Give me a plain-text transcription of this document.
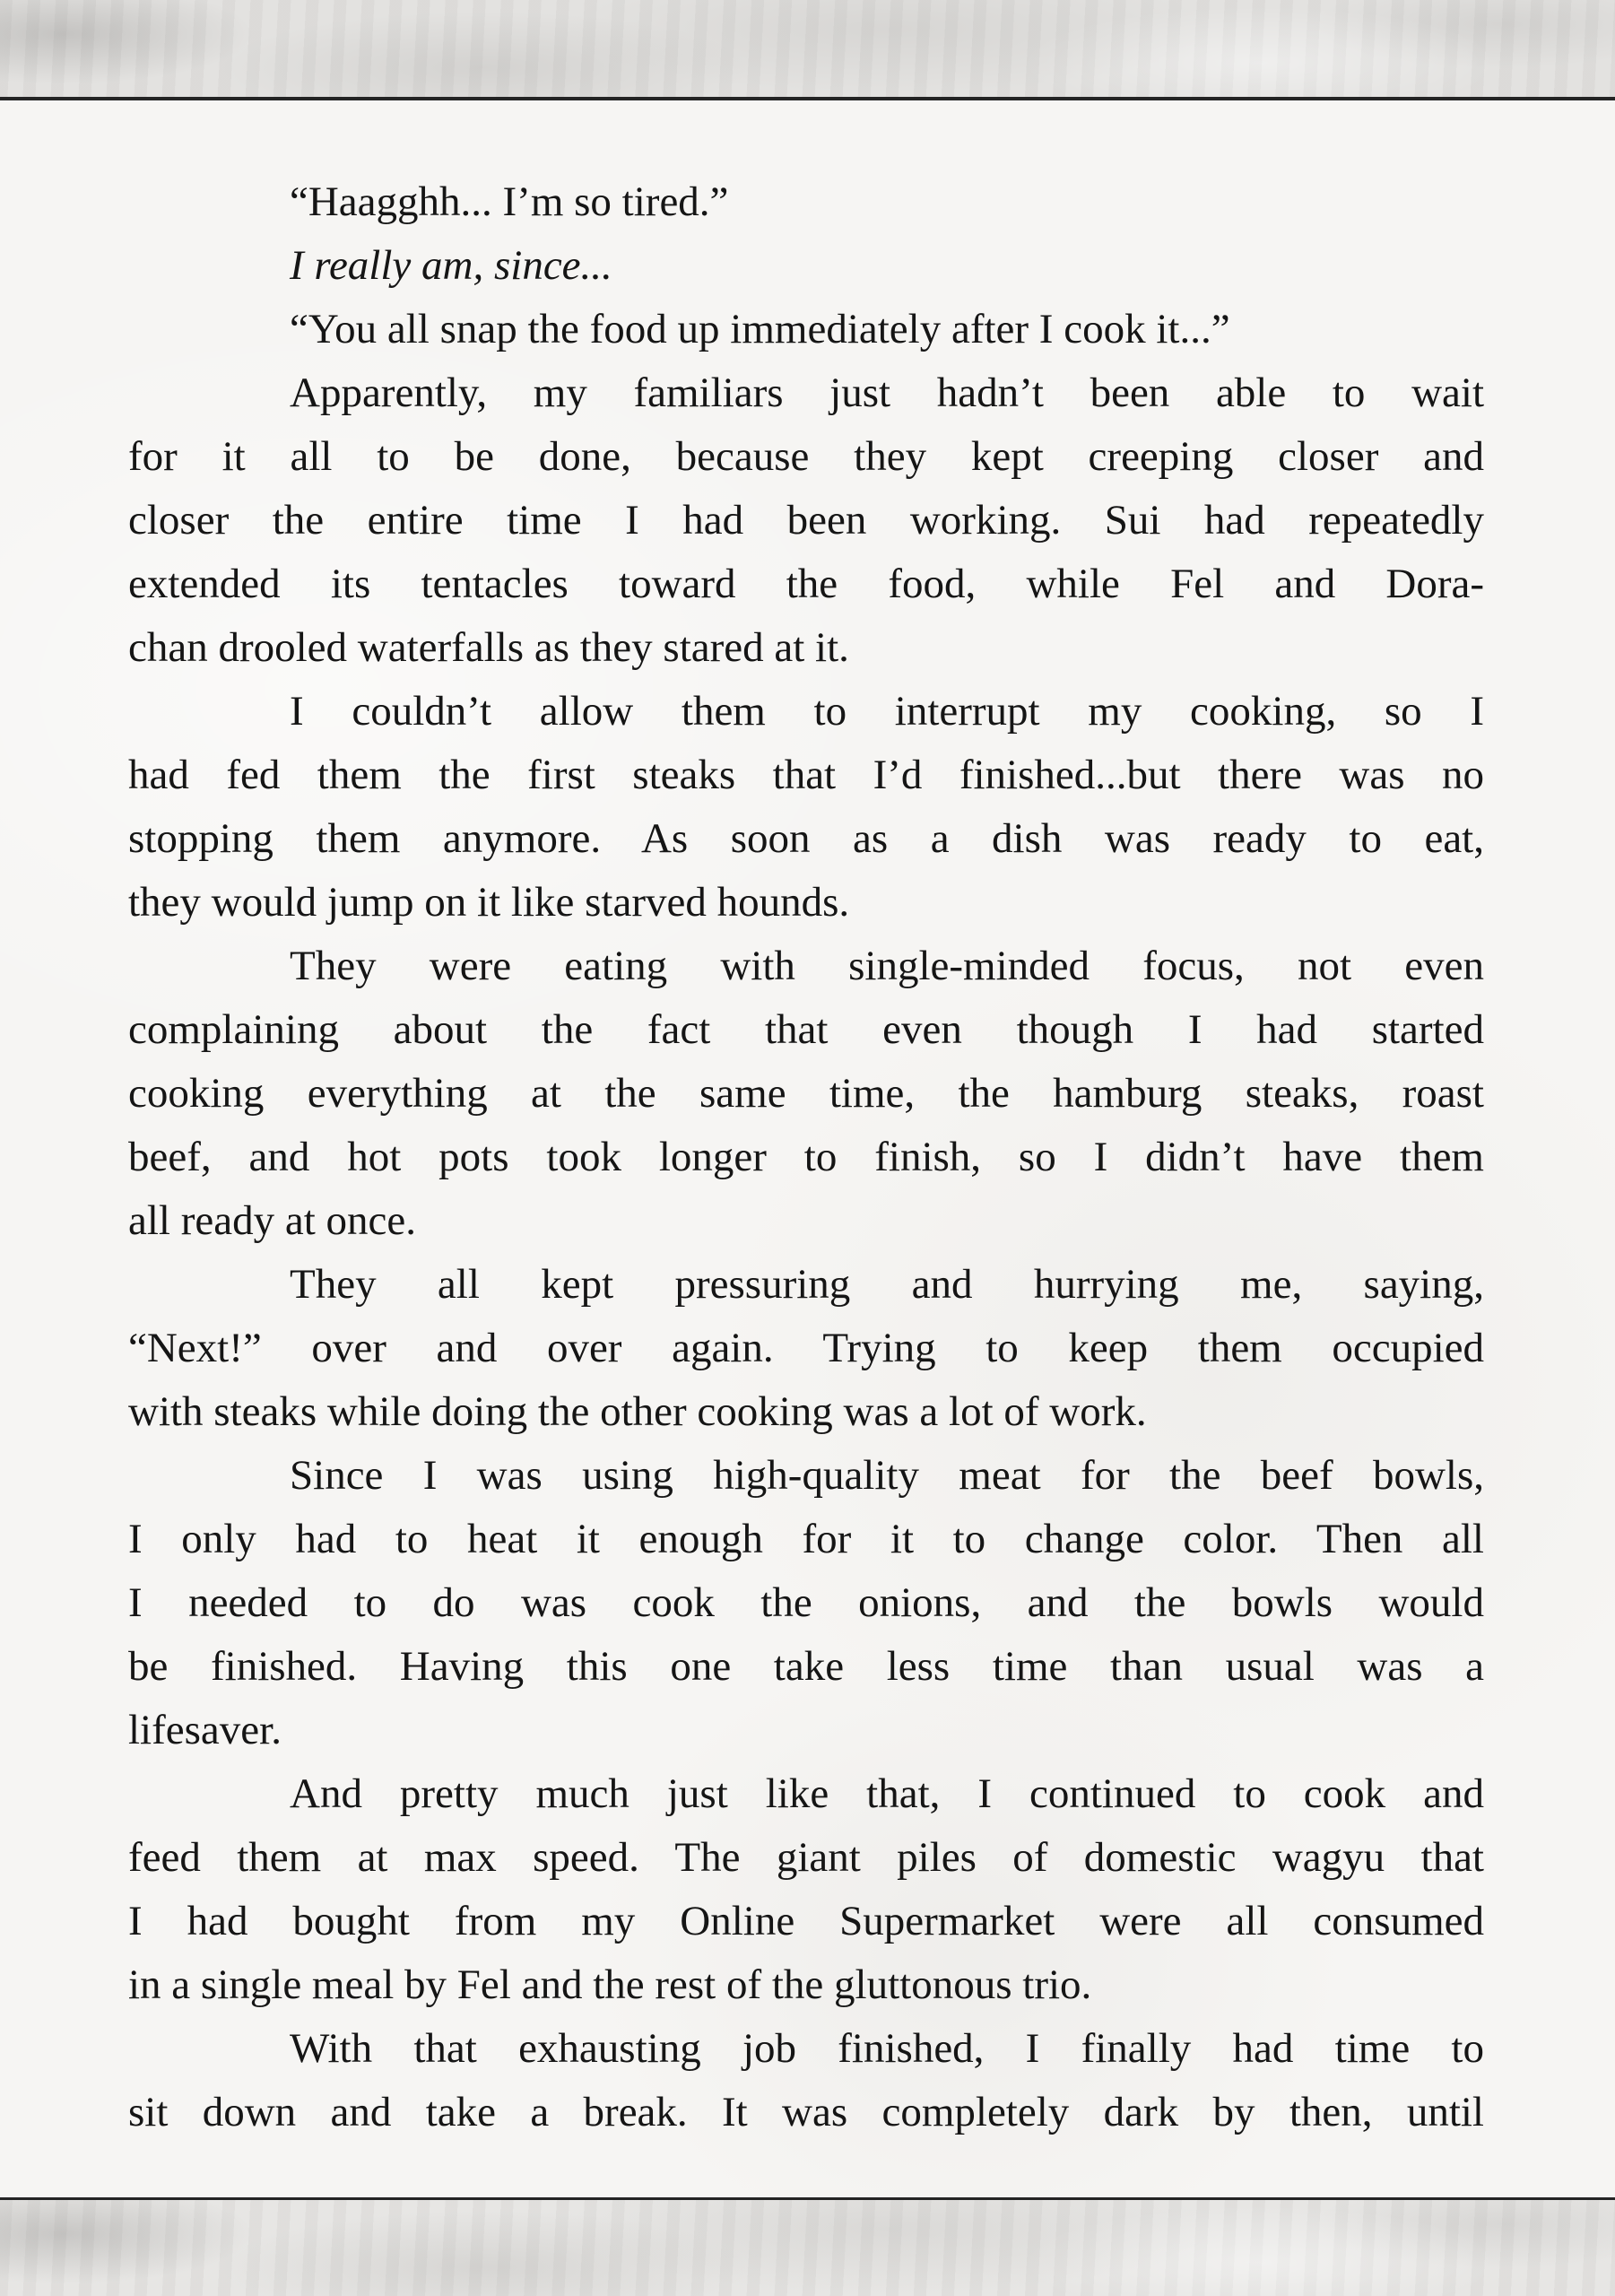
“Haagghh... I’m so tired.”
I really am, since...
“You all snap the food up immediately after I cook it...”
Apparently, my familiars just hadn’t been able to wait
for it all to be done, because they kept creeping closer and
closer the entire time I had been working. Sui had repeatedly
extended its tentacles toward the food, while Fel and Dora-
chan drooled waterfalls as they stared at it.
I couldn’t allow them to interrupt my cooking, so I
had fed them the first steaks that I’d finished...but there was no
stopping them anymore. As soon as a dish was ready to eat,
they would jump on it like starved hounds.
They were eating with single-minded focus, not even
complaining about the fact that even though I had started
cooking everything at the same time, the hamburg steaks, roast
beef, and hot pots took longer to finish, so I didn’t have them
all ready at once.
They all kept pressuring and hurrying me, saying,
“Next!” over and over again. Trying to keep them occupied
with steaks while doing the other cooking was a lot of work.
Since I was using high-quality meat for the beef bowls,
I only had to heat it enough for it to change color. Then all
I needed to do was cook the onions, and the bowls would
be finished. Having this one take less time than usual was a
lifesaver.
And pretty much just like that, I continued to cook and
feed them at max speed. The giant piles of domestic wagyu that
I had bought from my Online Supermarket were all consumed
in a single meal by Fel and the rest of the gluttonous trio.
With that exhausting job finished, I finally had time to
sit down and take a break. It was completely dark by then, until
